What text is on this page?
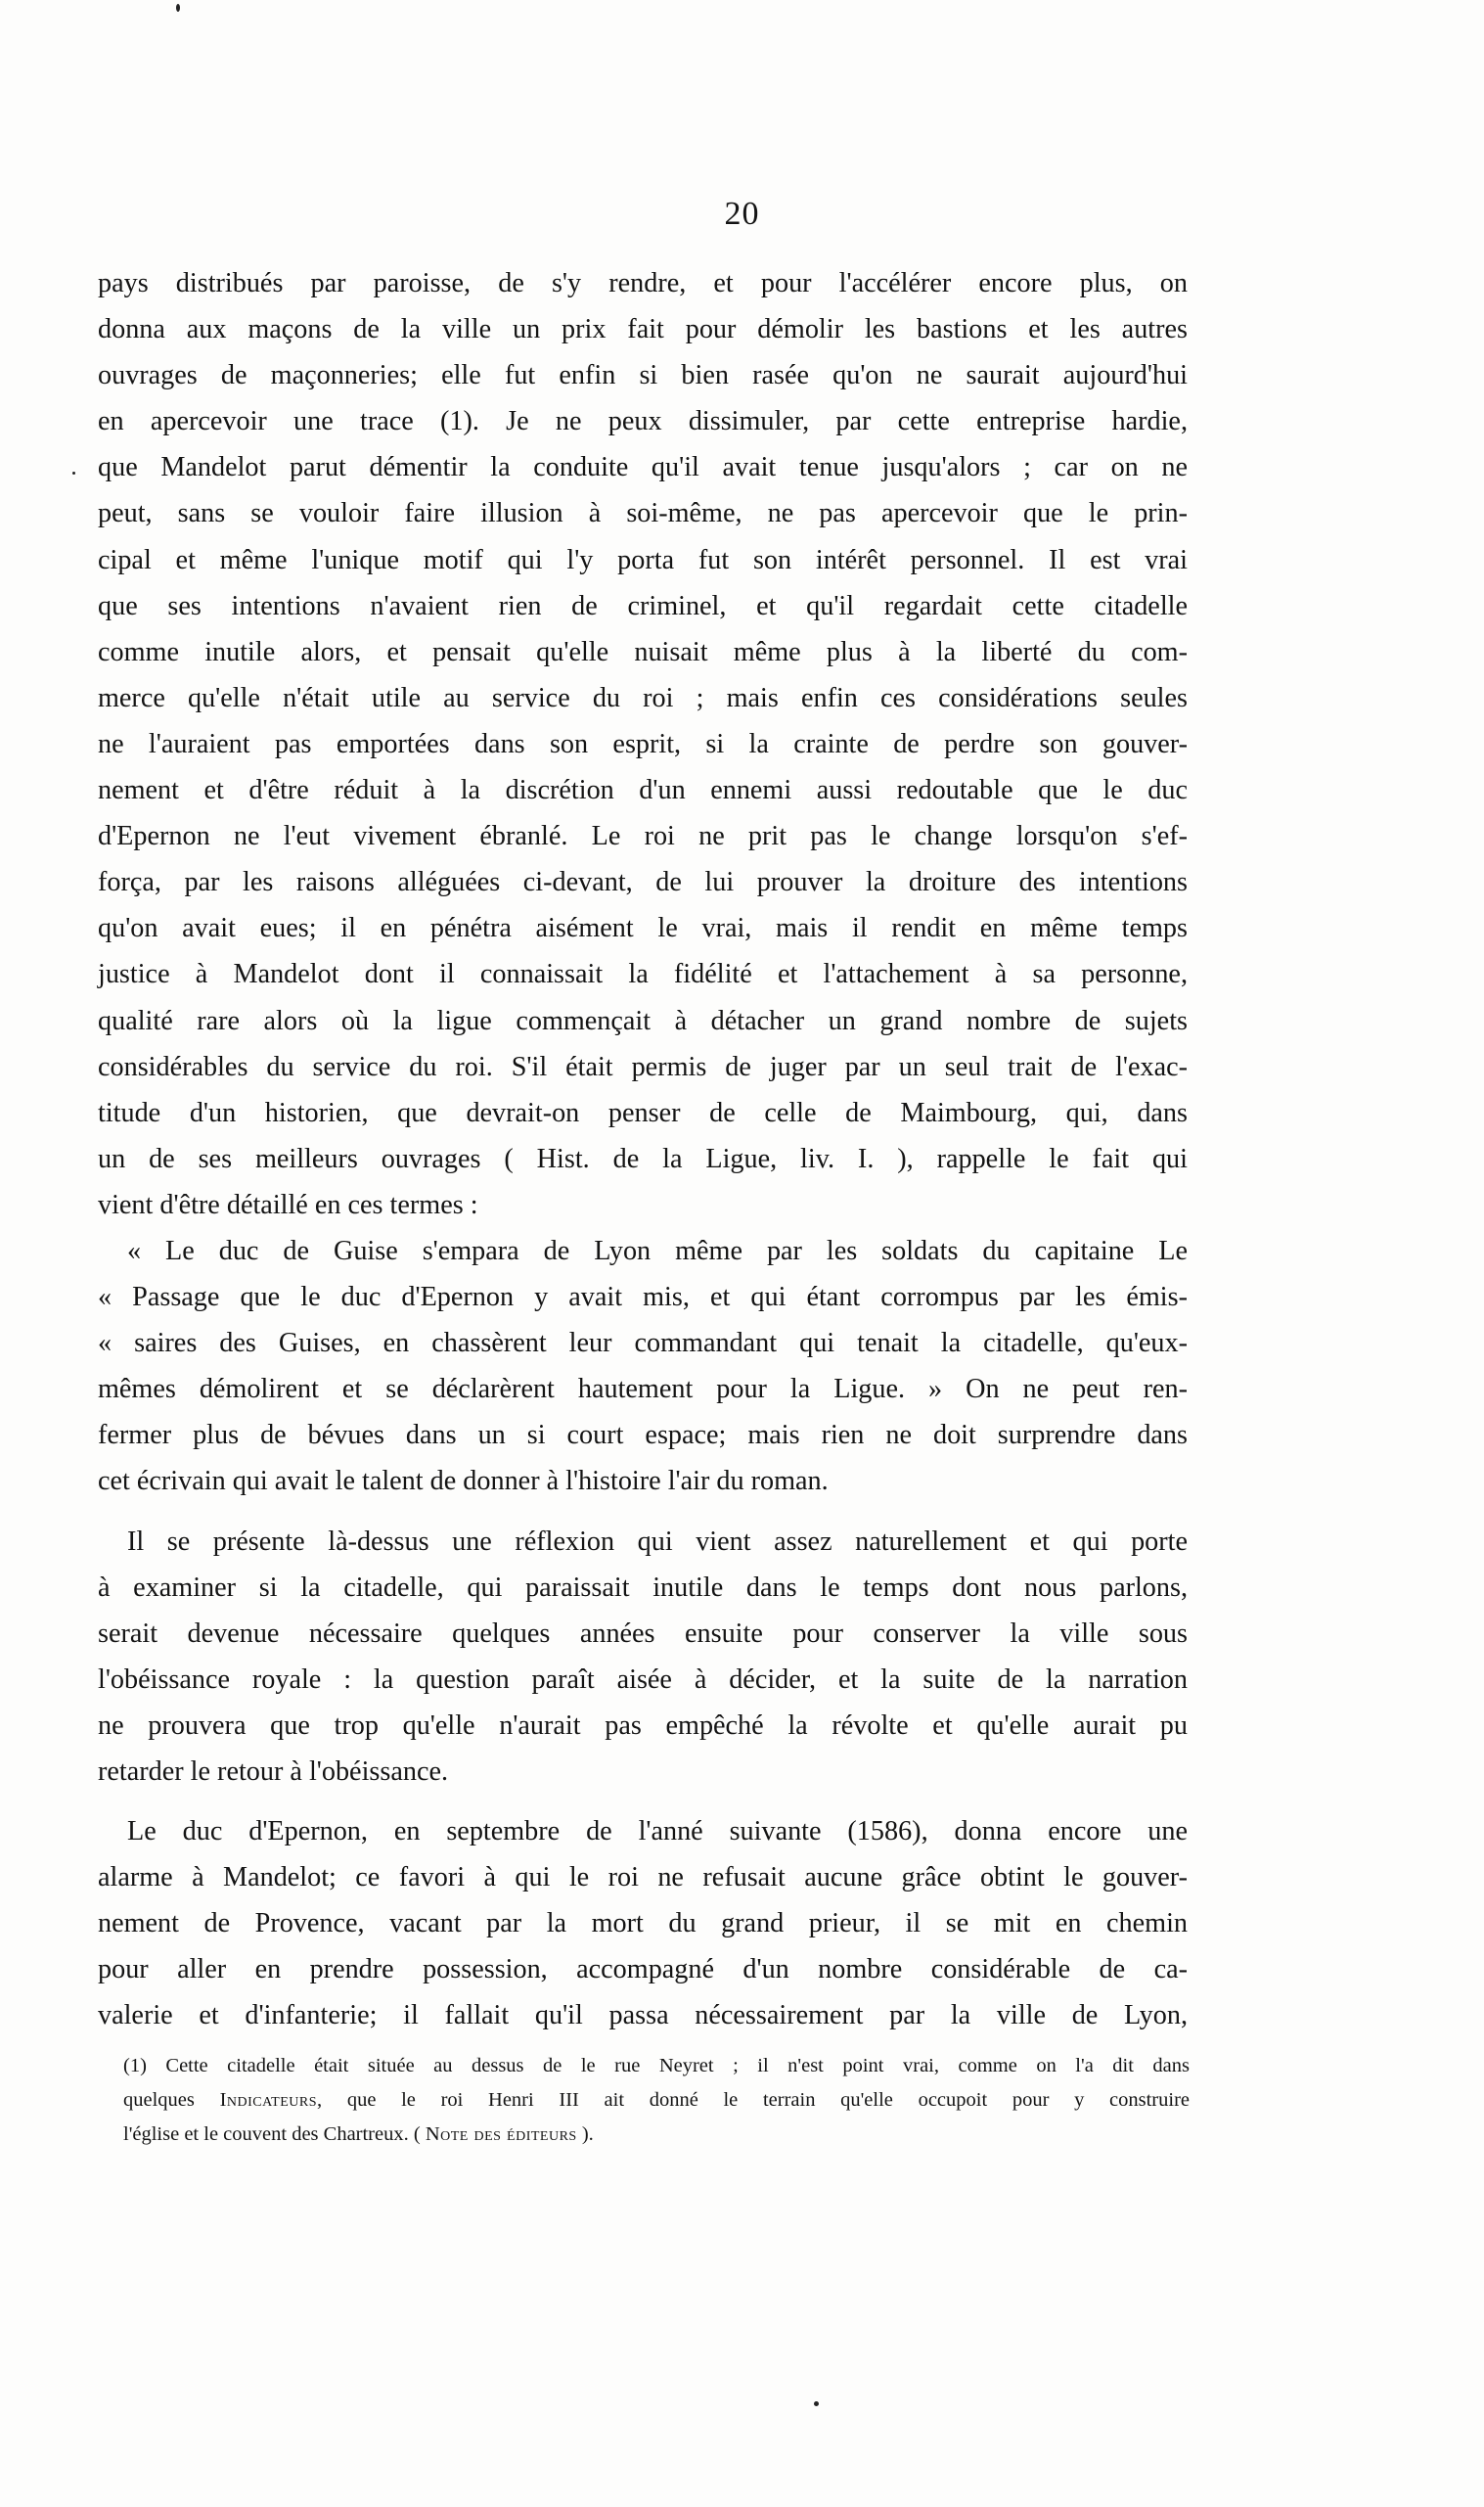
20
pays distribués par paroisse, de s'y rendre, et pour l'accélérer encore plus, on
donna aux maçons de la ville un prix fait pour démolir les bastions et les autres
ouvrages de maçonneries; elle fut enfin si bien rasée qu'on ne saurait aujourd'hui
en apercevoir une trace (1). Je ne peux dissimuler, par cette entreprise hardie,
que Mandelot parut démentir la conduite qu'il avait tenue jusqu'alors ; car on ne
peut, sans se vouloir faire illusion à soi-même, ne pas apercevoir que le prin-
cipal et même l'unique motif qui l'y porta fut son intérêt personnel. Il est vrai
que ses intentions n'avaient rien de criminel, et qu'il regardait cette citadelle
comme inutile alors, et pensait qu'elle nuisait même plus à la liberté du com-
merce qu'elle n'était utile au service du roi ; mais enfin ces considérations seules
ne l'auraient pas emportées dans son esprit, si la crainte de perdre son gouver-
nement et d'être réduit à la discrétion d'un ennemi aussi redoutable que le duc
d'Epernon ne l'eut vivement ébranlé. Le roi ne prit pas le change lorsqu'on s'ef-
força, par les raisons alléguées ci-devant, de lui prouver la droiture des intentions
qu'on avait eues; il en pénétra aisément le vrai, mais il rendit en même temps
justice à Mandelot dont il connaissait la fidélité et l'attachement à sa personne,
qualité rare alors où la ligue commençait à détacher un grand nombre de sujets
considérables du service du roi. S'il était permis de juger par un seul trait de l'exac-
titude d'un historien, que devrait-on penser de celle de Maimbourg, qui, dans
un de ses meilleurs ouvrages ( Hist. de la Ligue, liv. I. ), rappelle le fait qui
vient d'être détaillé en ces termes :
« Le duc de Guise s'empara de Lyon même par les soldats du capitaine Le
« Passage que le duc d'Epernon y avait mis, et qui étant corrompus par les émis-
« saires des Guises, en chassèrent leur commandant qui tenait la citadelle, qu'eux-
mêmes démolirent et se déclarèrent hautement pour la Ligue. » On ne peut ren-
fermer plus de bévues dans un si court espace; mais rien ne doit surprendre dans
cet écrivain qui avait le talent de donner à l'histoire l'air du roman.
Il se présente là-dessus une réflexion qui vient assez naturellement et qui porte
à examiner si la citadelle, qui paraissait inutile dans le temps dont nous parlons,
serait devenue nécessaire quelques années ensuite pour conserver la ville sous
l'obéissance royale : la question paraît aisée à décider, et la suite de la narration
ne prouvera que trop qu'elle n'aurait pas empêché la révolte et qu'elle aurait pu
retarder le retour à l'obéissance.
Le duc d'Epernon, en septembre de l'anné suivante (1586), donna encore une
alarme à Mandelot; ce favori à qui le roi ne refusait aucune grâce obtint le gouver-
nement de Provence, vacant par la mort du grand prieur, il se mit en chemin
pour aller en prendre possession, accompagné d'un nombre considérable de ca-
valerie et d'infanterie; il fallait qu'il passa nécessairement par la ville de Lyon,
(1) Cette citadelle était située au dessus de le rue Neyret ; il n'est point vrai, comme on l'a dit dans
quelques Indicateurs, que le roi Henri III ait donné le terrain qu'elle occupoit pour y construire
l'église et le couvent des Chartreux. ( Note des éditeurs ).
